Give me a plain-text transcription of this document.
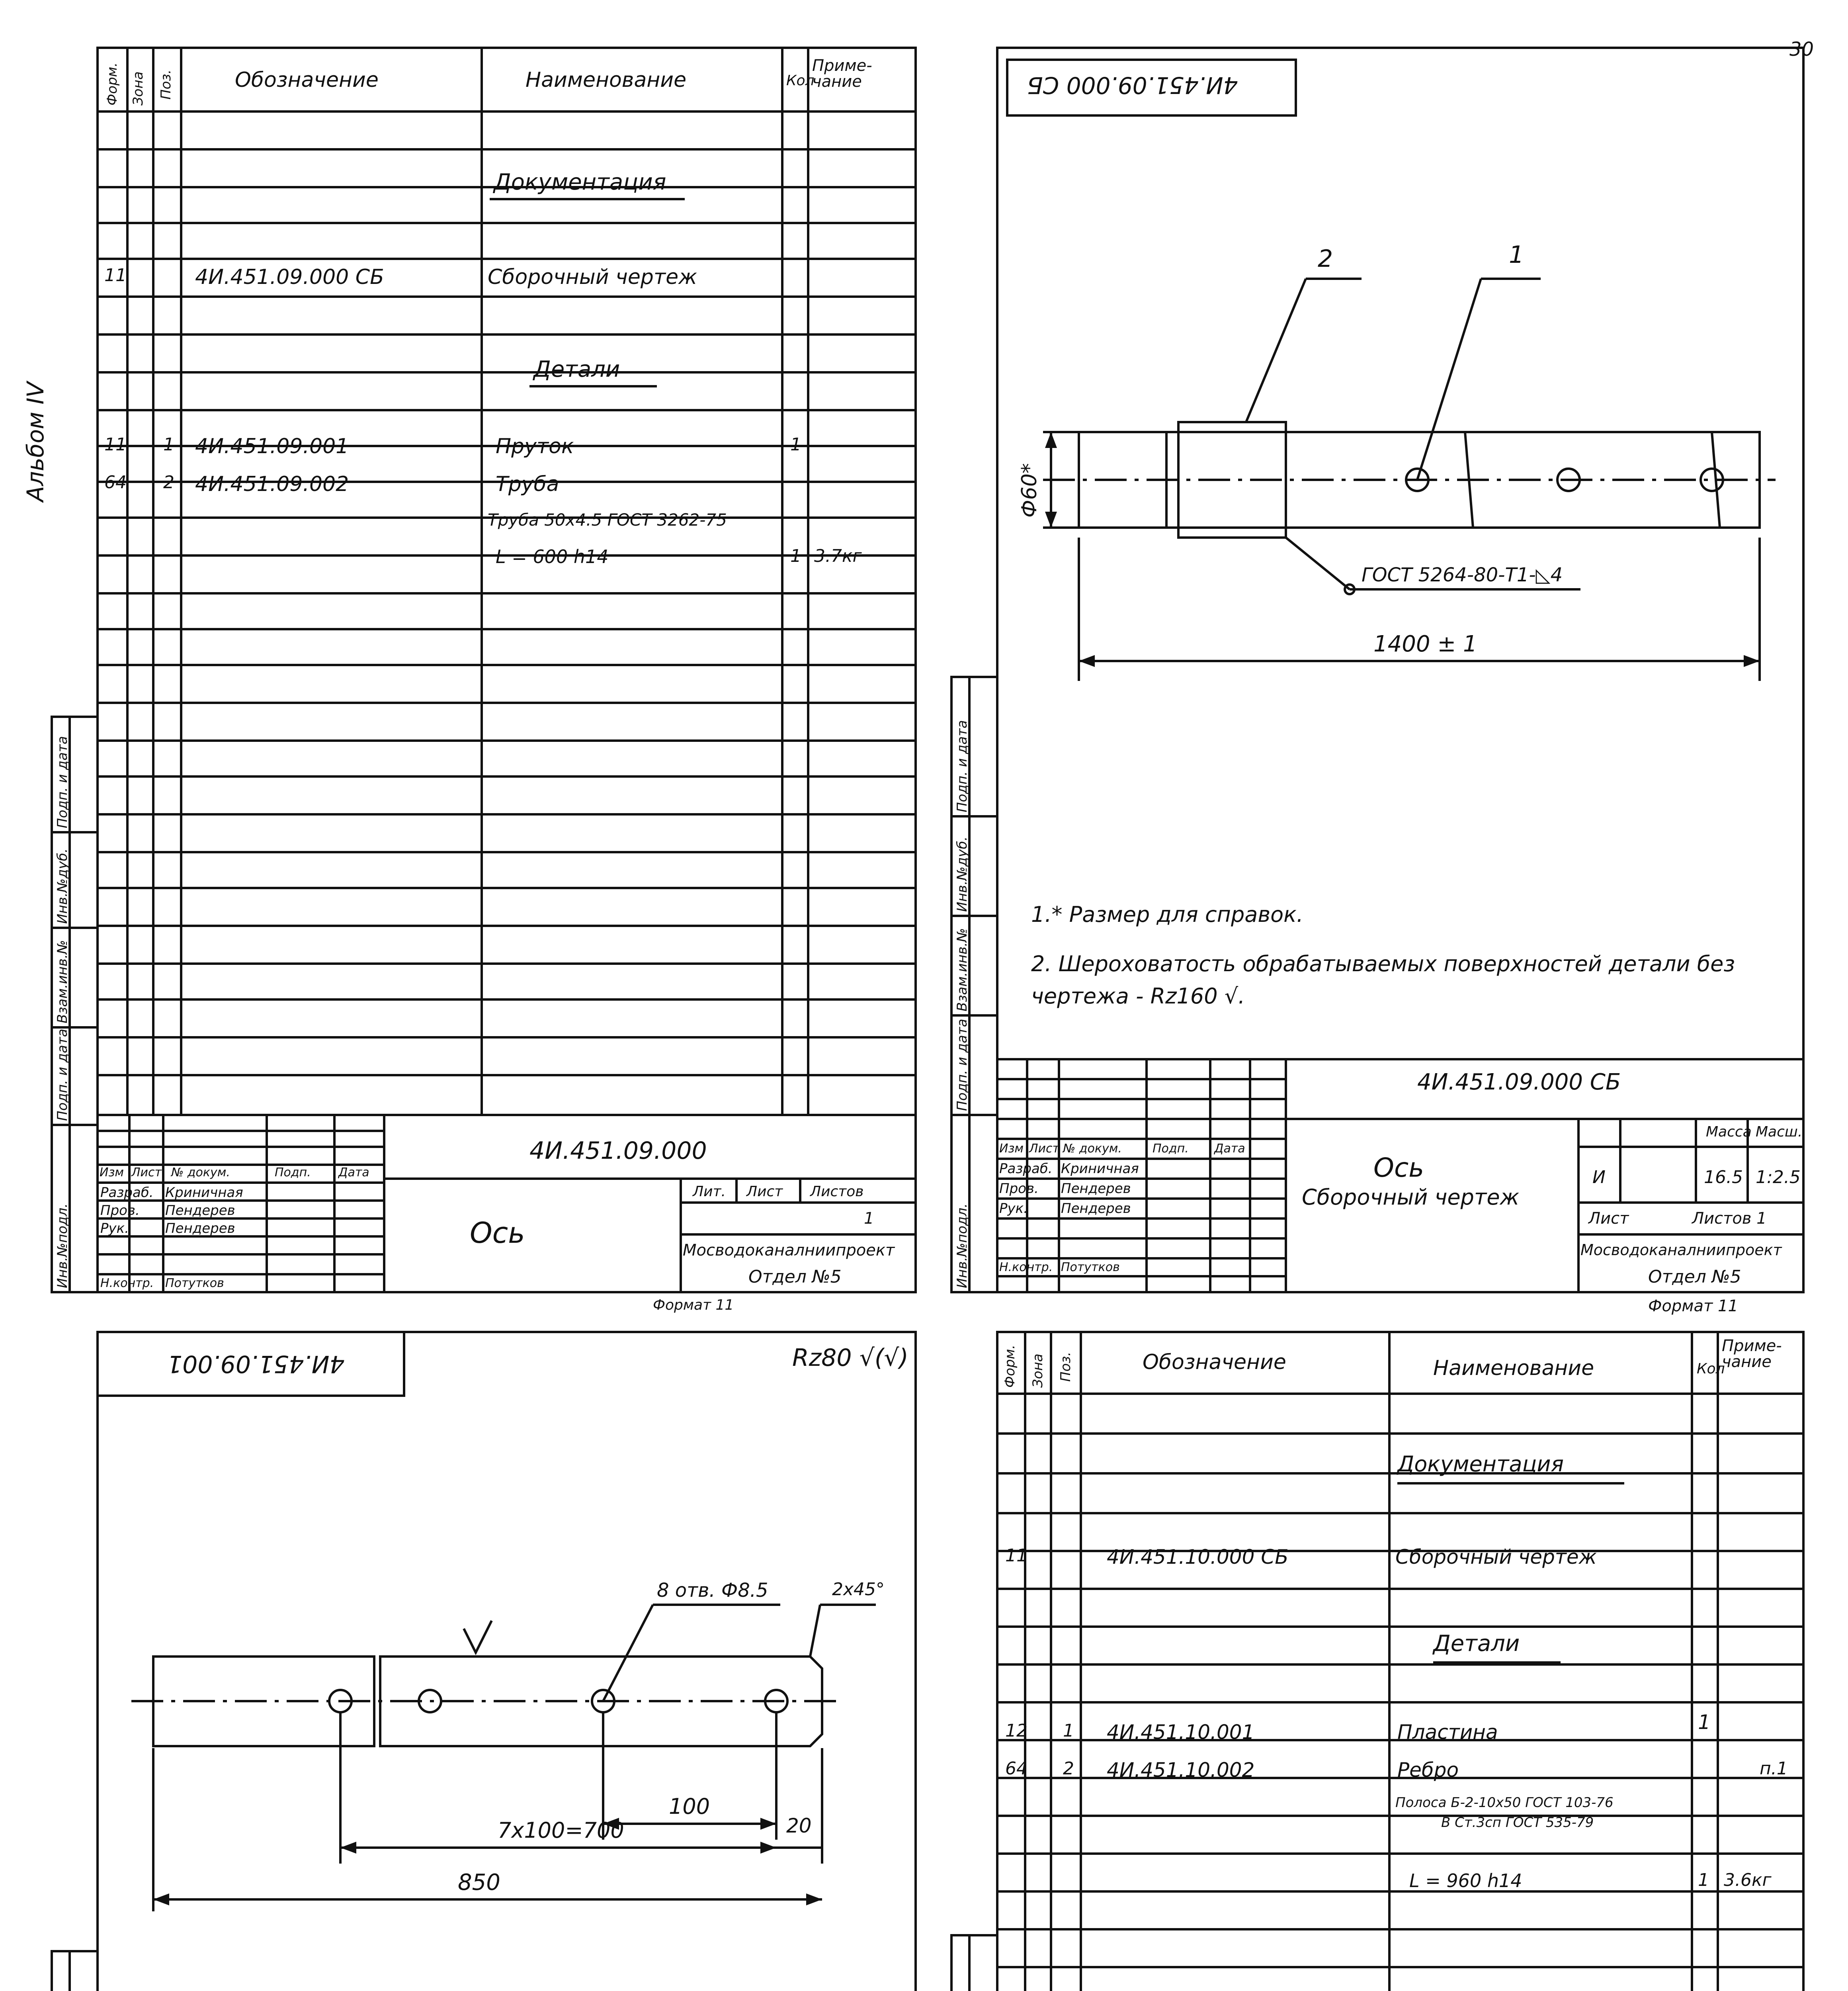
Альбом IV
30
Форм. Зона Поз.	Обозначение	Наименование	Кол
Приме-чание
Документация
11	4И.451.09.000 СБ	Сборочный чертеж
Детали
11 1 4И.451.09.001	Пруток	1
64 2 4И.451.09.002	Труба
Труба 50х4.5 ГОСТ 3262-75
L = 600 h14	1 3.7кг
4И.451.09.000
Ось
Лит. Лист Листов
1
Мосводоканалниипроект
Отдел №5
Формат 11
Изм Лист № докум.	Подп. Дата
Разраб. Криничная
Пров. Пендерев
Рук.	Пендерев
Н.контр. Потутков
Инв.№подл.
Подп. и дата
Взам.инв.№
Инв.№дуб.
Подп. и дата
4И.451.09.000 СБ
2	1
Ф60*
ГОСТ 5264-80-Т1-◺4
1400 ± 1
1.* Размер для справок.
2. Шероховатость обрабатываемых поверхностей детали без чертежа - Rz160 √.
4И.451.09.000 СБ
Ось
Сборочный чертеж
Масса Масш.
И	16.5 1:2.5
Лист	Листов 1
Мосводоканалниипроект
Отдел №5
Формат 11
Изм Лист № докум.	Подп. Дата
Разраб. Криничная
Пров. Пендерев
Рук. Пендерев
Н.контр. Потутков
Инв.№подл.
Подп. и дата
Взам.инв.№
Инв.№дуб.
Подп. и дата
4И.451.09.001	Rz80 √(√)
8 отв. Ф8.5	2х45°
100
7х100=700	20
850
Форм. Зона Поз.	Обозначение	Наименование	Кол
Приме-чание
Документация
11	4И.451.10.000 СБ	Сборочный чертеж
Детали
12 1 4И.451.10.001	Пластина	1
64 2 4И.451.10.002	Ребро	п.1
Полоса Б-2-10х50 ГОСТ 103-76
В Ст.3сп ГОСТ 535-79
L = 960 h14	1 3.6кг
